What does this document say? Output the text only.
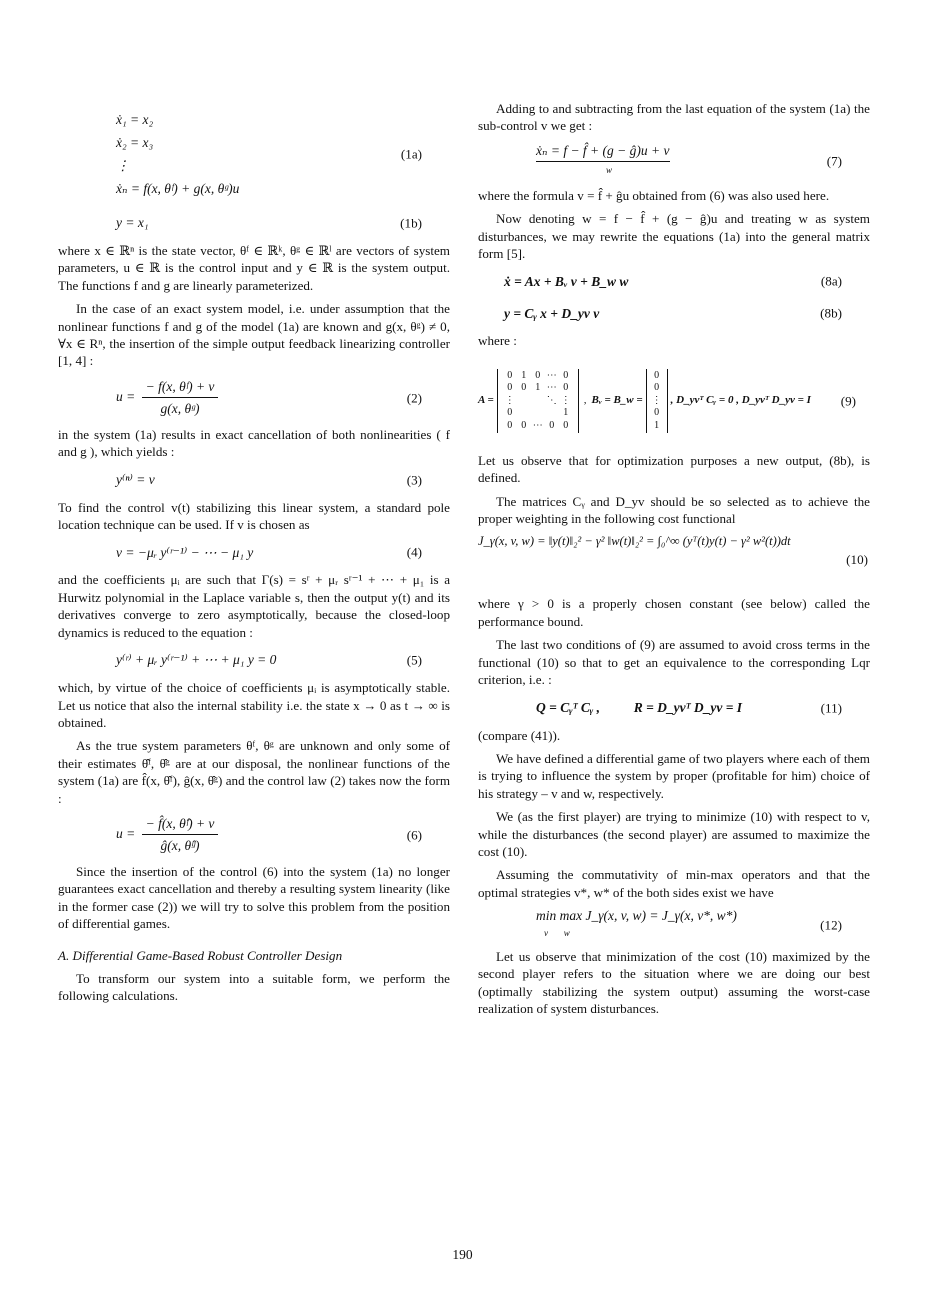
ẋ₁ = x₂
ẋ₂ = x₃
⋮
ẋₙ = f(x, θᶠ) + g(x, θᵍ)u
(1a)
y = x₁	(1b)

where x ∈ ℝⁿ is the state vector, θᶠ ∈ ℝᵏ, θᵍ ∈ ℝˡ are vectors of system parameters, u ∈ ℝ is the control input and y ∈ ℝ is the system output. The functions f and g are linearly parameterized.

In the case of an exact system model, i.e. under assumption that the nonlinear functions f and g of the model (1a) are known and g(x, θᵍ) ≠ 0, ∀x ∈ Rⁿ, the insertion of the simple output feedback linearizing controller [1, 4] :

$u = \frac{\text{− f(x, θᶠ) + v}}{\text{g(x, θᵍ)}}$	(2)

in the system (1a) results in exact cancellation of both nonlinearities ( f and g ), which yields :

y⁽ⁿ⁾ = v	(3)

To find the control v(t) stabilizing this linear system, a standard pole location technique can be used. If v is chosen as

v = −μᵣ y⁽ʳ⁻¹⁾ − ⋯ − μ₁ y	(4)

and the coefficients μᵢ are such that Γ(s) = sʳ + μᵣ sʳ⁻¹ + ⋯ + μ₁ is a Hurwitz polynomial in the Laplace variable s, then the output y(t) and its derivatives converge to zero asymptotically, because the closed-loop dynamics is reduced to the equation :

y⁽ʳ⁾ + μᵣ y⁽ʳ⁻¹⁾ + ⋯ + μ₁ y = 0	(5)

which, by virtue of the choice of coefficients μᵢ is asymptotically stable. Let us notice that also the internal stability i.e. the state x → 0 as t → ∞ is obtained.

As the true system parameters θᶠ, θᵍ are unknown and only some of their estimates θ̂ᶠ, θ̂ᵍ are at our disposal, the nonlinear functions of the system (1a) are f̂(x, θ̂ᶠ), ĝ(x, θ̂ᵍ) and the control law (2) takes now the form :

$u = \frac{\text{− f̂(x, θ̂ᶠ) + v}}{\text{ĝ(x, θ̂ᵍ)}}$	(6)

Since the insertion of the control (6) into the system (1a) no longer guarantees exact cancellation and thereby a resulting system linearity (like in the former case (2)) we will try to solve this problem from the position of differential games.

A. Differential Game-Based Robust Controller Design

To transform our system into a suitable form, we perform the following calculations.

Adding to and subtracting from the last equation of the system (1a) the sub-control v we get :

ẋₙ = f − f̂ + (g − ĝ)u + v
w
(7)

where the formula v = f̂ + ĝu obtained from (6) was also used here.

Now denoting w = f − f̂ + (g − ĝ)u and treating w as system disturbances, we may rewrite the equations (1a) into the general matrix form [5].

ẋ = Ax + Bᵥ v + B_w w	(8a)
y = Cᵧ x + D_yv v	(8b)

where :

A =
0 1 0 ⋯ 0
0 0 1 ⋯ 0
⋮	⋱ ⋮
0	1
0 0 ⋯ 0 0
, Bᵥ = B_w =
0
0
⋮
0
1
, D_yvᵀ Cᵧ = 0 , D_yvᵀ D_yv = I (9)

Let us observe that for optimization purposes a new output, (8b), is defined.

The matrices Cᵧ and D_yv should be so selected as to achieve the proper weighting in the following cost functional

J_γ(x, v, w) = ‖y(t)‖₂² − γ² ‖w(t)‖₂² = ∫₀^∞ (yᵀ(t)y(t) − γ² w²(t))dt
(10)

where γ > 0 is a properly chosen constant (see below) called the performance bound.

The last two conditions of (9) are assumed to avoid cross terms in the functional (10) so that to get an equivalence to the corresponding Lqr criterion, i.e. :

Q = Cᵧᵀ Cᵧ ,          R = D_yvᵀ D_yv = I	(11)

(compare (41)).

We have defined a differential game of two players where each of them is trying to influence the system by proper (profitable for him) choice of his strategy – v and w, respectively.

We (as the first player) are trying to minimize (10) with respect to v, while the disturbances (the second player) are assumed to maximize the cost (10).

Assuming the commutativity of min-max operators and that the optimal strategies v*, w* of the both sides exist we have

min max J_γ(x, v, w) = J_γ(x, v*, w*)
v       w
(12)

Let us observe that minimization of the cost (10) maximized by the second player refers to the situation where we are doing our best (optimally stabilizing the system output) assuming the worst-case realization of system disturbances.

190
